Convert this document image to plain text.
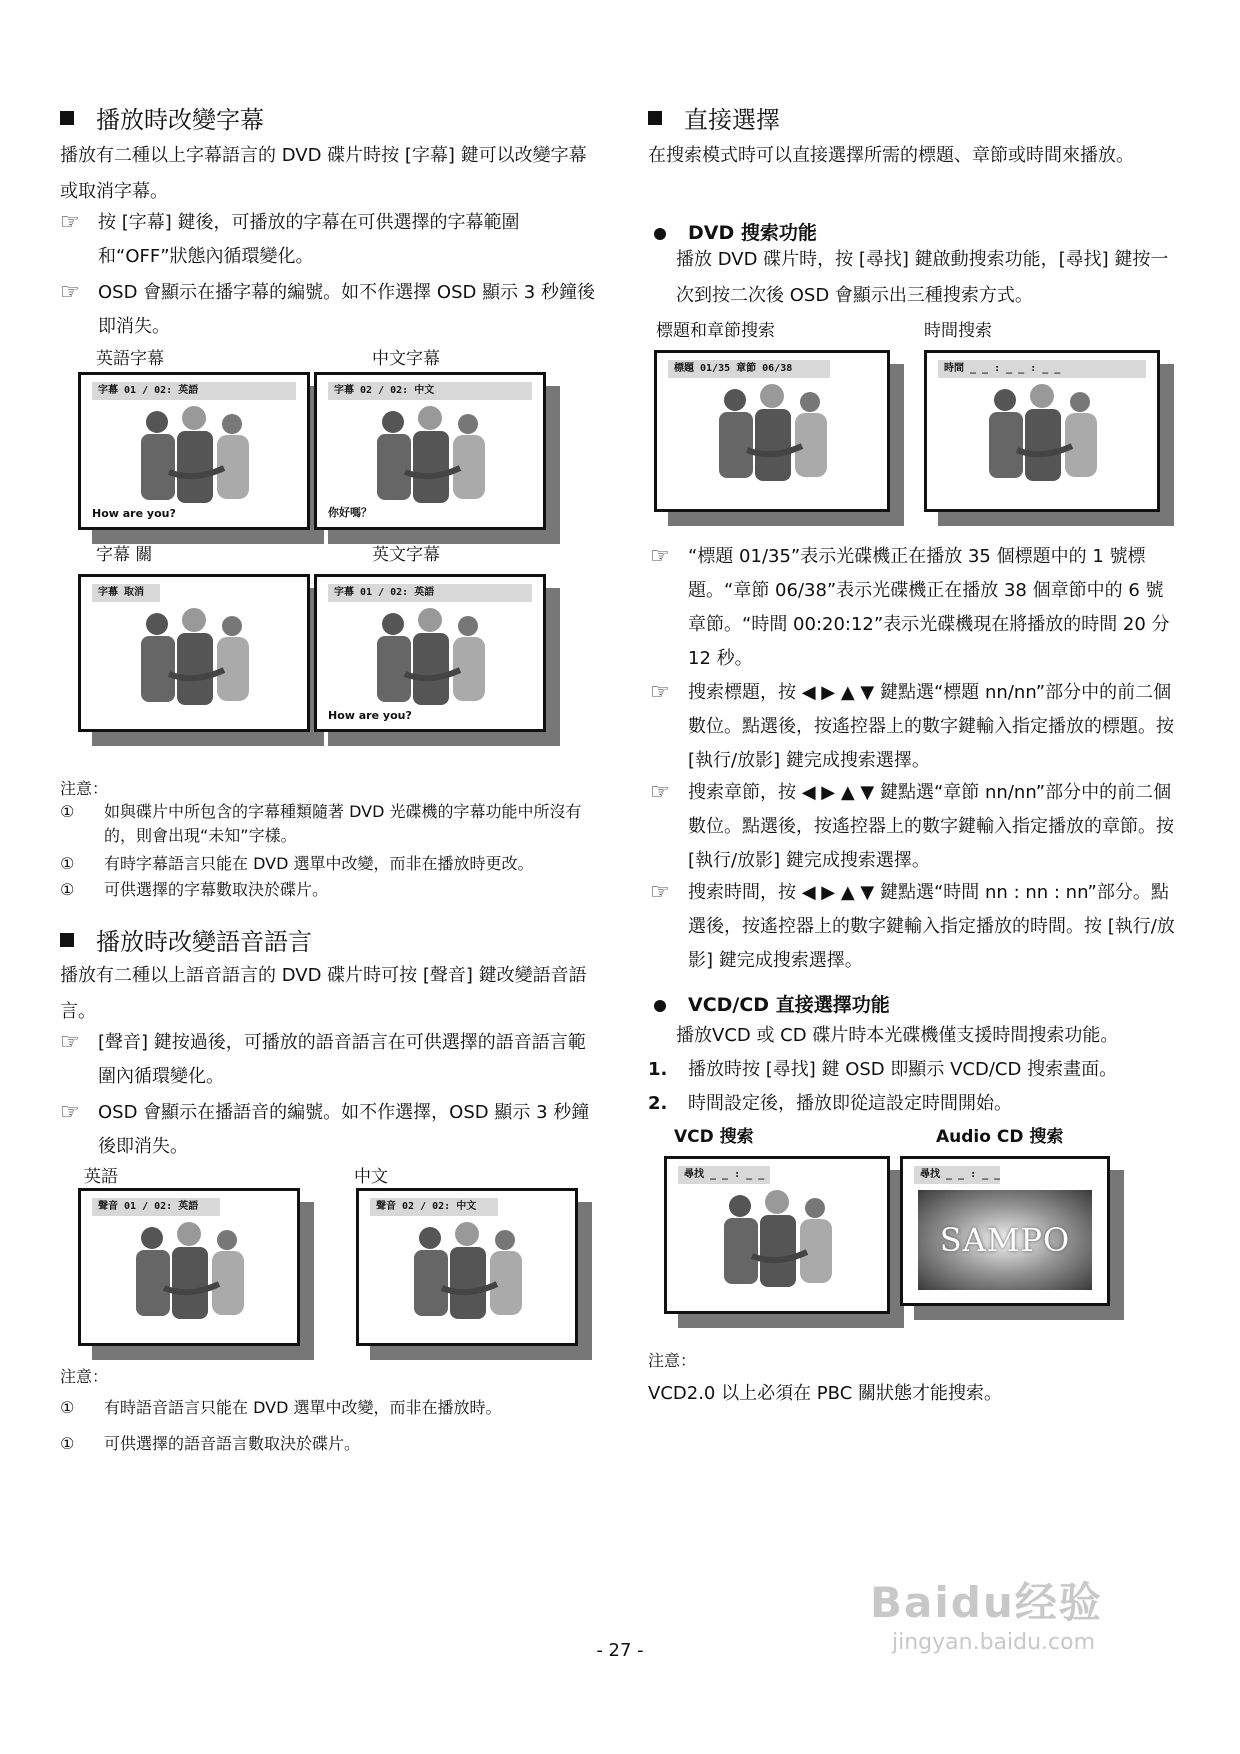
播放時改變字幕
播放有二種以上字幕語言的 DVD 碟片時按 [字幕] 鍵可以改變字幕或取消字幕。
☞ 按 [字幕] 鍵後，可播放的字幕在可供選擇的字幕範圍和“OFF”狀態內循環變化。
☞ OSD 會顯示在播字幕的編號。如不作選擇 OSD 顯示 3 秒鐘後即消失。
英語字幕	中文字幕
字幕 01 / 02: 英語
How are you?
字幕 02 / 02: 中文
你好嗎？
字幕 關	英文字幕
字幕 取消	字幕 01 / 02: 英語
How are you?
注意：
① 如與碟片中所包含的字幕種類隨著 DVD 光碟機的字幕功能中所沒有的，則會出現“未知”字樣。
① 有時字幕語言只能在 DVD 選單中改變，而非在播放時更改。
① 可供選擇的字幕數取決於碟片。
播放時改變語音語言
播放有二種以上語音語言的 DVD 碟片時可按 [聲音] 鍵改變語音語言。
☞ [聲音] 鍵按過後，可播放的語音語言在可供選擇的語音語言範圍內循環變化。
☞ OSD 會顯示在播語音的編號。如不作選擇，OSD 顯示 3 秒鐘後即消失。
英語	中文
聲音 01 / 02: 英語	聲音 02 / 02: 中文
注意：
① 有時語音語言只能在 DVD 選單中改變，而非在播放時。
① 可供選擇的語音語言數取決於碟片。
直接選擇
在搜索模式時可以直接選擇所需的標題、章節或時間來播放。
DVD 搜索功能
播放 DVD 碟片時，按 [尋找] 鍵啟動搜索功能，[尋找] 鍵按一次到按二次後 OSD 會顯示出三種搜索方式。
標題和章節搜索	時間搜索
標題 01/35 章節 06/38	時間 _ _ : _ _ : _ _
☞ “標題 01/35”表示光碟機正在播放 35 個標題中的 1 號標題。“章節 06/38”表示光碟機正在播放 38 個章節中的 6 號章節。“時間 00:20:12”表示光碟機現在將播放的時間 20 分 12 秒。
☞ 搜索標題，按 ◀ ▶ ▲ ▼ 鍵點選“標題 nn/nn”部分中的前二個數位。點選後，按遙控器上的數字鍵輸入指定播放的標題。按 [執行/放影] 鍵完成搜索選擇。
☞ 搜索章節，按 ◀ ▶ ▲ ▼ 鍵點選“章節 nn/nn”部分中的前二個數位。點選後，按遙控器上的數字鍵輸入指定播放的章節。按 [執行/放影] 鍵完成搜索選擇。
☞ 搜索時間，按 ◀ ▶ ▲ ▼ 鍵點選“時間 nn : nn : nn”部分。點選後，按遙控器上的數字鍵輸入指定播放的時間。按 [執行/放影] 鍵完成搜索選擇。
VCD/CD 直接選擇功能
播放VCD 或 CD 碟片時本光碟機僅支援時間搜索功能。
1. 播放時按 [尋找] 鍵 OSD 即顯示 VCD/CD 搜索畫面。
2. 時間設定後，播放即從這設定時間開始。
VCD 搜索	Audio CD 搜索
尋找 _ _ : _ _	尋找 _ _ : _ _
SAMPO
注意：
VCD2.0 以上必須在 PBC 關狀態才能搜索。
- 27 -
Baidu经验
jingyan.baidu.com
